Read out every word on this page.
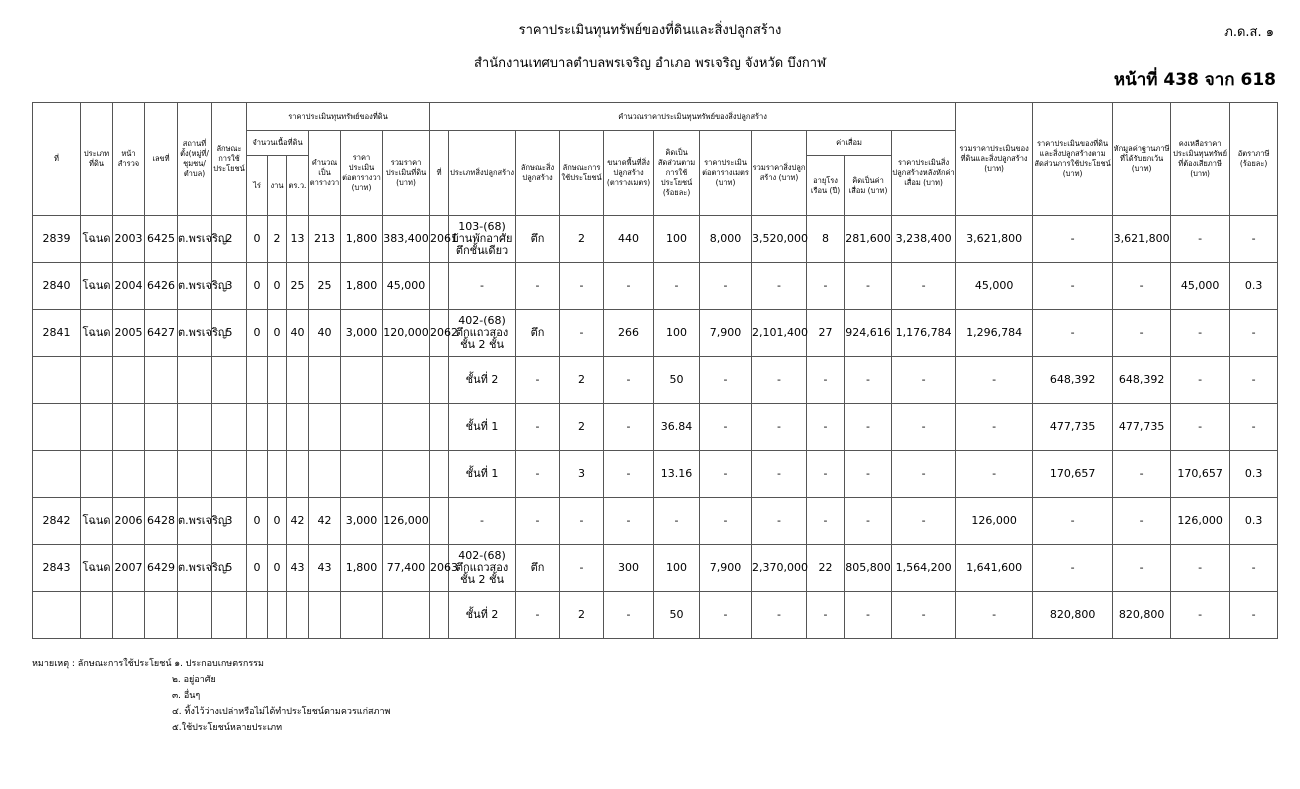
ราคาประเมินทุนทรัพย์ของที่ดินและสิ่งปลูกสร้าง
สำนักงานเทศบาลตำบลพรเจริญ อำเภอ พรเจริญ จังหวัด บึงกาฬ
ภ.ด.ส. ๑
หน้าที่ 438 จาก 618
ที่	ประเภทที่ดิน	หน้าสำรวจ	เลขที่	สถานที่ตั้ง(หมู่ที่/ชุมชน/ตำบล)	ลักษณะการใช้ประโยชน์	ราคาประเมินทุนทรัพย์ของที่ดิน						คำนวณราคาประเมินทุนทรัพย์ของสิ่งปลูกสร้าง											รวมราคาประเมินของที่ดินและสิ่งปลูกสร้าง (บาท)	ราคาประเมินของที่ดินและสิ่งปลูกสร้างตามสัดส่วนการใช้ประโยชน์ (บาท)	หักมูลค่าฐานภาษีที่ได้รับยกเว้น (บาท)	คงเหลือราคาประเมินทุนทรัพย์ที่ต้องเสียภาษี (บาท)	อัตราภาษี (ร้อยละ)
						จำนวนเนื้อที่ดิน			คำนวณเป็นตารางวา	ราคาประเมินต่อตารางวา (บาท)	รวมราคาประเมินที่ดิน (บาท)	ที่	ประเภทสิ่งปลูกสร้าง	ลักษณะสิ่งปลูกสร้าง	ลักษณะการใช้ประโยชน์	ขนาดพื้นที่สิ่งปลูกสร้าง (ตารางเมตร)	คิดเป็นสัดส่วนตามการใช้ประโยชน์ (ร้อยละ)	ราคาประเมินต่อตารางเมตร (บาท)	รวมราคาสิ่งปลูกสร้าง (บาท)	ค่าเสื่อม		ราคาประเมินสิ่งปลูกสร้างหลังหักค่าเสื่อม (บาท)					
						ไร่	งาน	ตร.ว.												อายุโรงเรือน (ปี)	คิดเป็นค่าเสื่อม (บาท)						
2839	โฉนด	2003	6425	ต.พรเจริญ	2	0	2	13	213	1,800	383,400	2061	103-(68) บ้านพักอาศัยตึกชั้นเดียว	ตึก	2	440	100	8,000	3,520,000	8	281,600	3,238,400	3,621,800	-	3,621,800	-	-
2840	โฉนด	2004	6426	ต.พรเจริญ	3	0	0	25	25	1,800	45,000		-	-	-	-	-	-	-	-	-	-	45,000	-	-	45,000	0.3
2841	โฉนด	2005	6427	ต.พรเจริญ	5	0	0	40	40	3,000	120,000	2062	402-(68) ตึกแถวสองชั้น 2 ชั้น	ตึก	-	266	100	7,900	2,101,400	27	924,616	1,176,784	1,296,784	-	-	-	-
													ชั้นที่ 2	-	2	-	50	-	-	-	-	-	-	648,392	648,392	-	-
													ชั้นที่ 1	-	2	-	36.84	-	-	-	-	-	-	477,735	477,735	-	-
													ชั้นที่ 1	-	3	-	13.16	-	-	-	-	-	-	170,657	-	170,657	0.3
2842	โฉนด	2006	6428	ต.พรเจริญ	3	0	0	42	42	3,000	126,000		-	-	-	-	-	-	-	-	-	-	126,000	-	-	126,000	0.3
2843	โฉนด	2007	6429	ต.พรเจริญ	5	0	0	43	43	1,800	77,400	2063	402-(68) ตึกแถวสองชั้น 2 ชั้น	ตึก	-	300	100	7,900	2,370,000	22	805,800	1,564,200	1,641,600	-	-	-	-
													ชั้นที่ 2	-	2	-	50	-	-	-	-	-	-	820,800	820,800	-	-
หมายเหตุ : ลักษณะการใช้ประโยชน์ ๑. ประกอบเกษตรกรรม
๒. อยู่อาศัย
๓. อื่นๆ
๔. ทิ้งไว้ว่างเปล่าหรือไม่ได้ทำประโยชน์ตามควรแก่สภาพ
๕.ใช้ประโยชน์หลายประเภท
